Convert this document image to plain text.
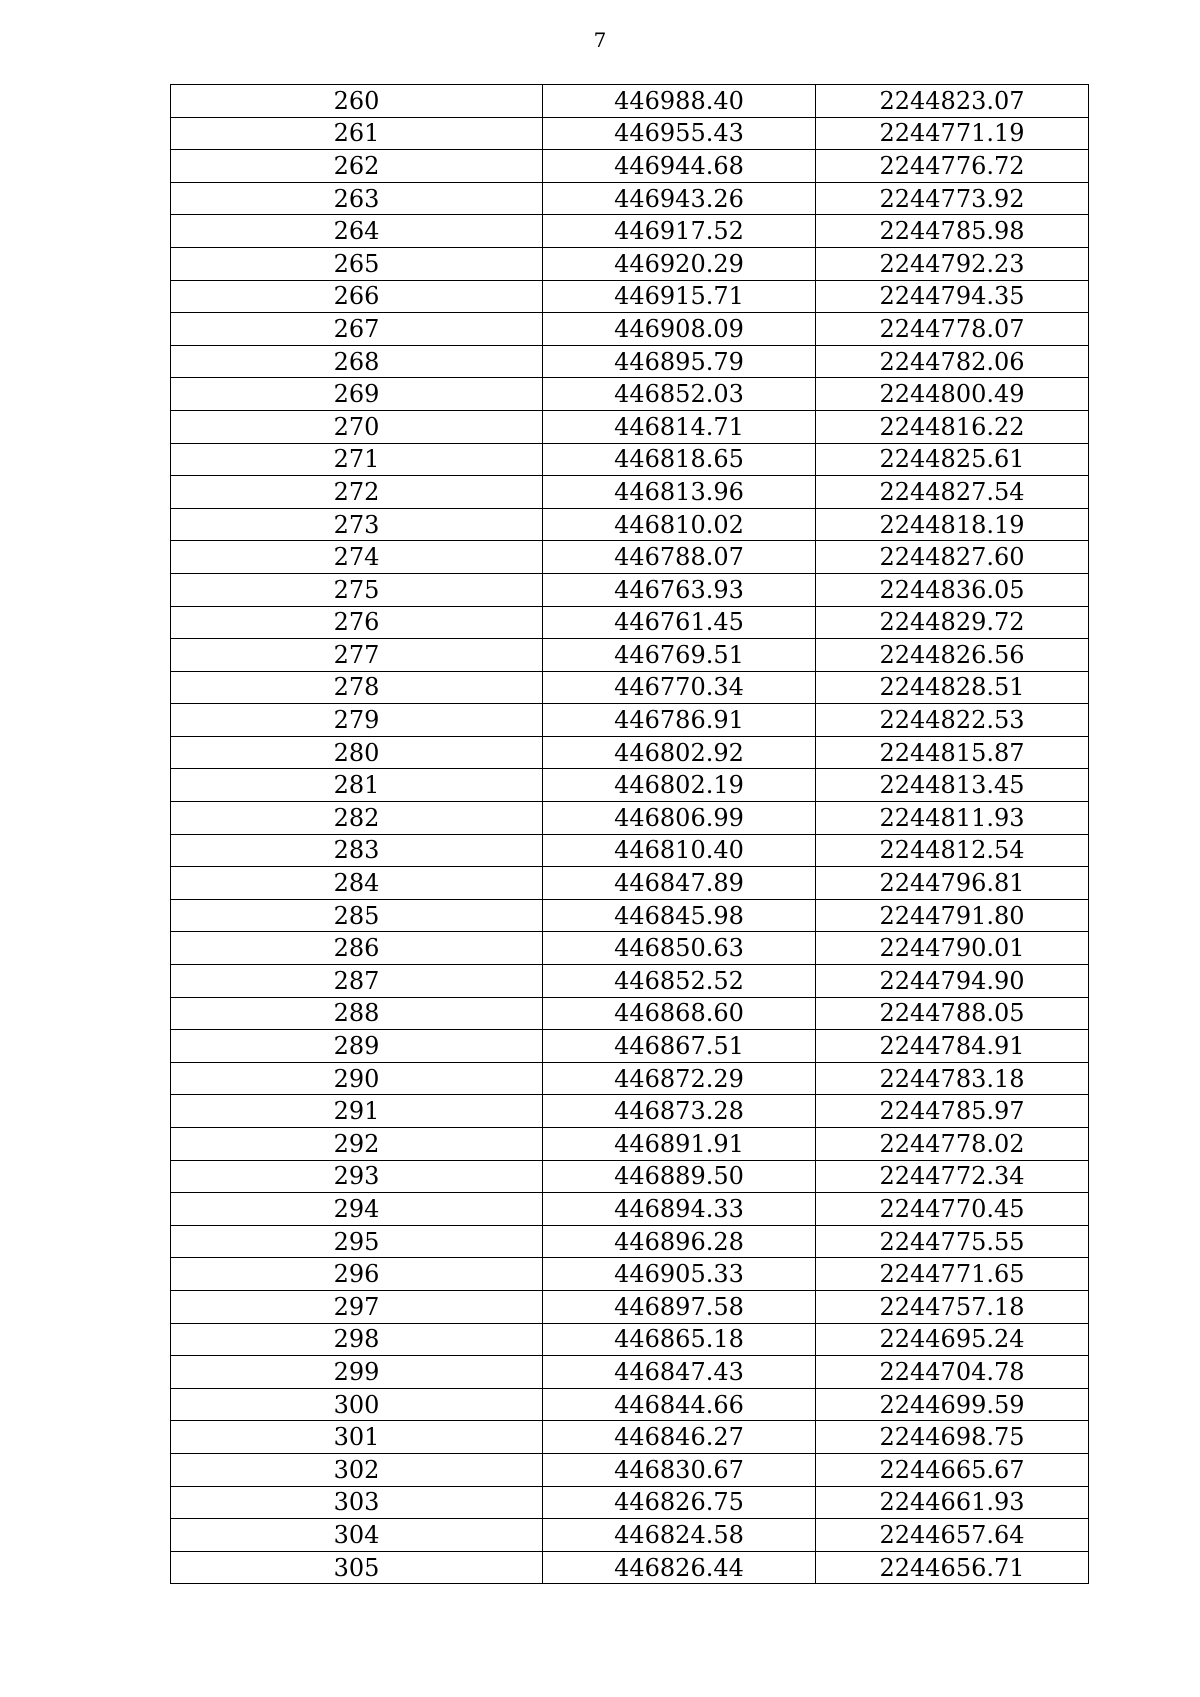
7
260	446988.40	2244823.07
261	446955.43	2244771.19
262	446944.68	2244776.72
263	446943.26	2244773.92
264	446917.52	2244785.98
265	446920.29	2244792.23
266	446915.71	2244794.35
267	446908.09	2244778.07
268	446895.79	2244782.06
269	446852.03	2244800.49
270	446814.71	2244816.22
271	446818.65	2244825.61
272	446813.96	2244827.54
273	446810.02	2244818.19
274	446788.07	2244827.60
275	446763.93	2244836.05
276	446761.45	2244829.72
277	446769.51	2244826.56
278	446770.34	2244828.51
279	446786.91	2244822.53
280	446802.92	2244815.87
281	446802.19	2244813.45
282	446806.99	2244811.93
283	446810.40	2244812.54
284	446847.89	2244796.81
285	446845.98	2244791.80
286	446850.63	2244790.01
287	446852.52	2244794.90
288	446868.60	2244788.05
289	446867.51	2244784.91
290	446872.29	2244783.18
291	446873.28	2244785.97
292	446891.91	2244778.02
293	446889.50	2244772.34
294	446894.33	2244770.45
295	446896.28	2244775.55
296	446905.33	2244771.65
297	446897.58	2244757.18
298	446865.18	2244695.24
299	446847.43	2244704.78
300	446844.66	2244699.59
301	446846.27	2244698.75
302	446830.67	2244665.67
303	446826.75	2244661.93
304	446824.58	2244657.64
305	446826.44	2244656.71
